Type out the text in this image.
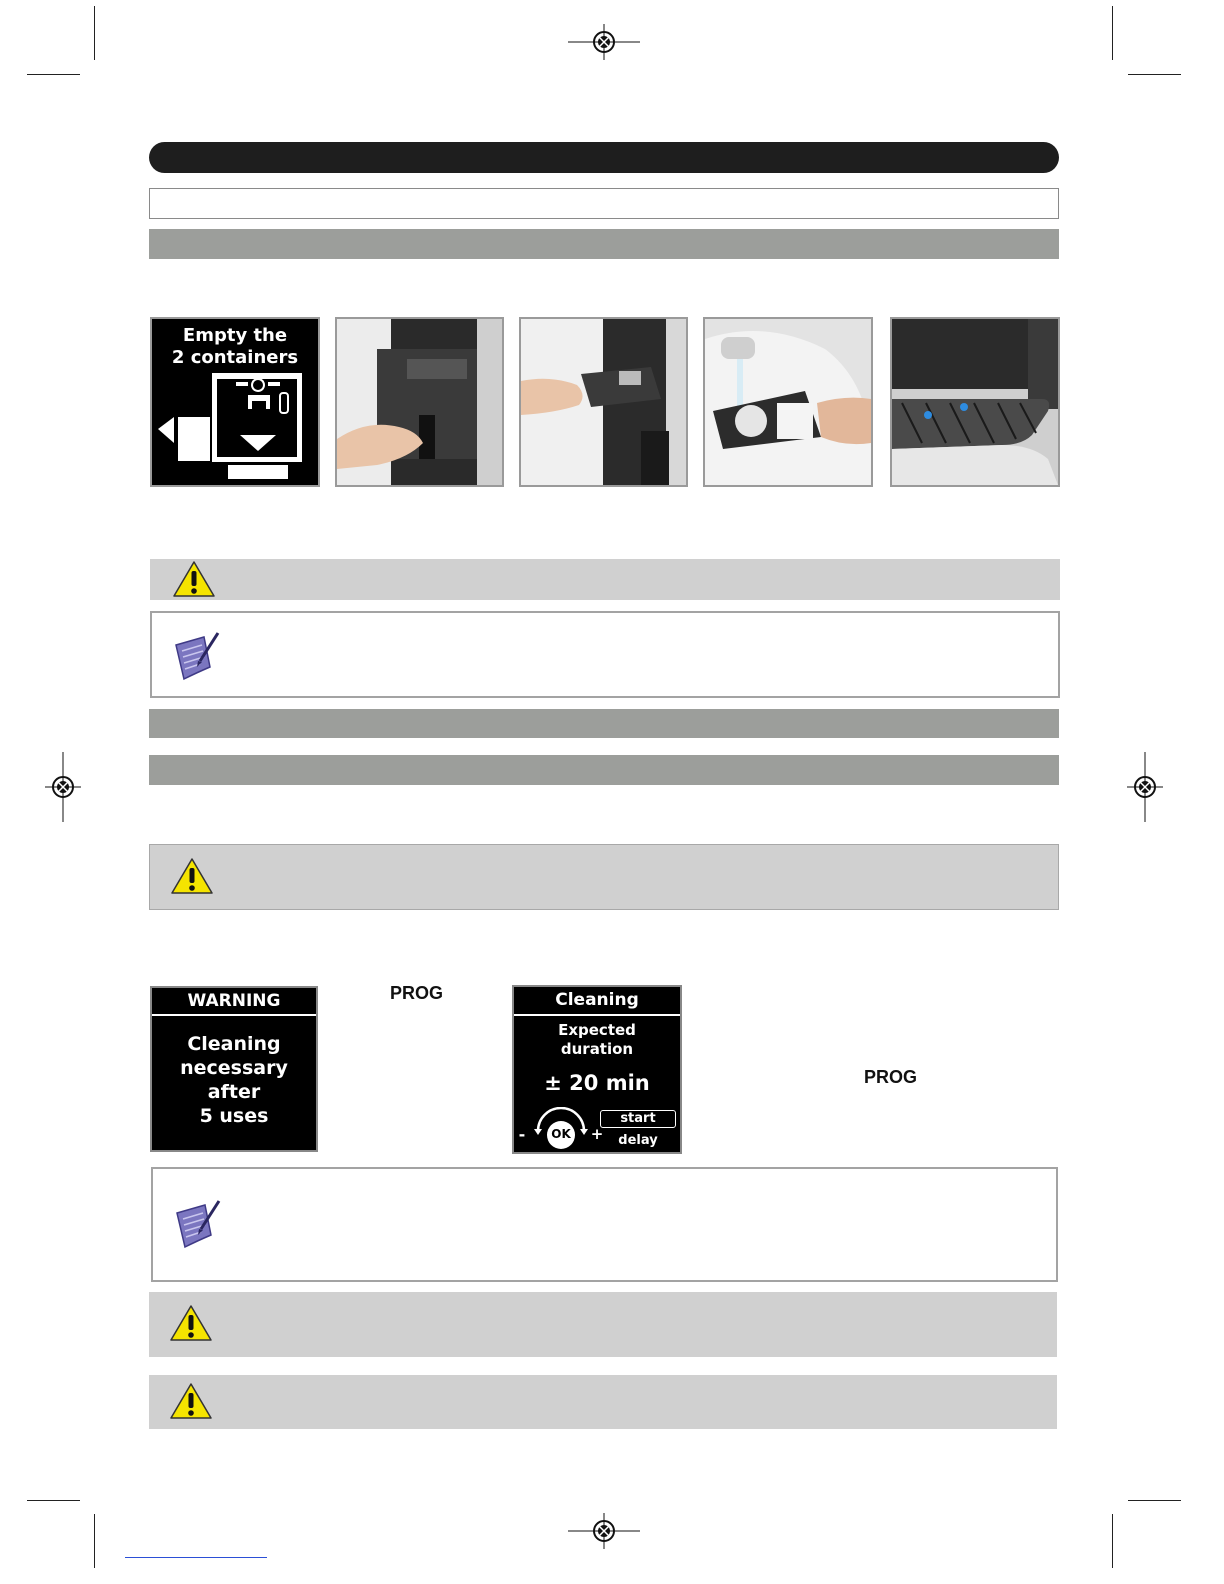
Empty the
2 containers
WARNING
Cleaning
necessary
after
5 uses
PROG	Cleaning
Expected
duration
± 20 min
OK
-	+
start
delay
PROG
